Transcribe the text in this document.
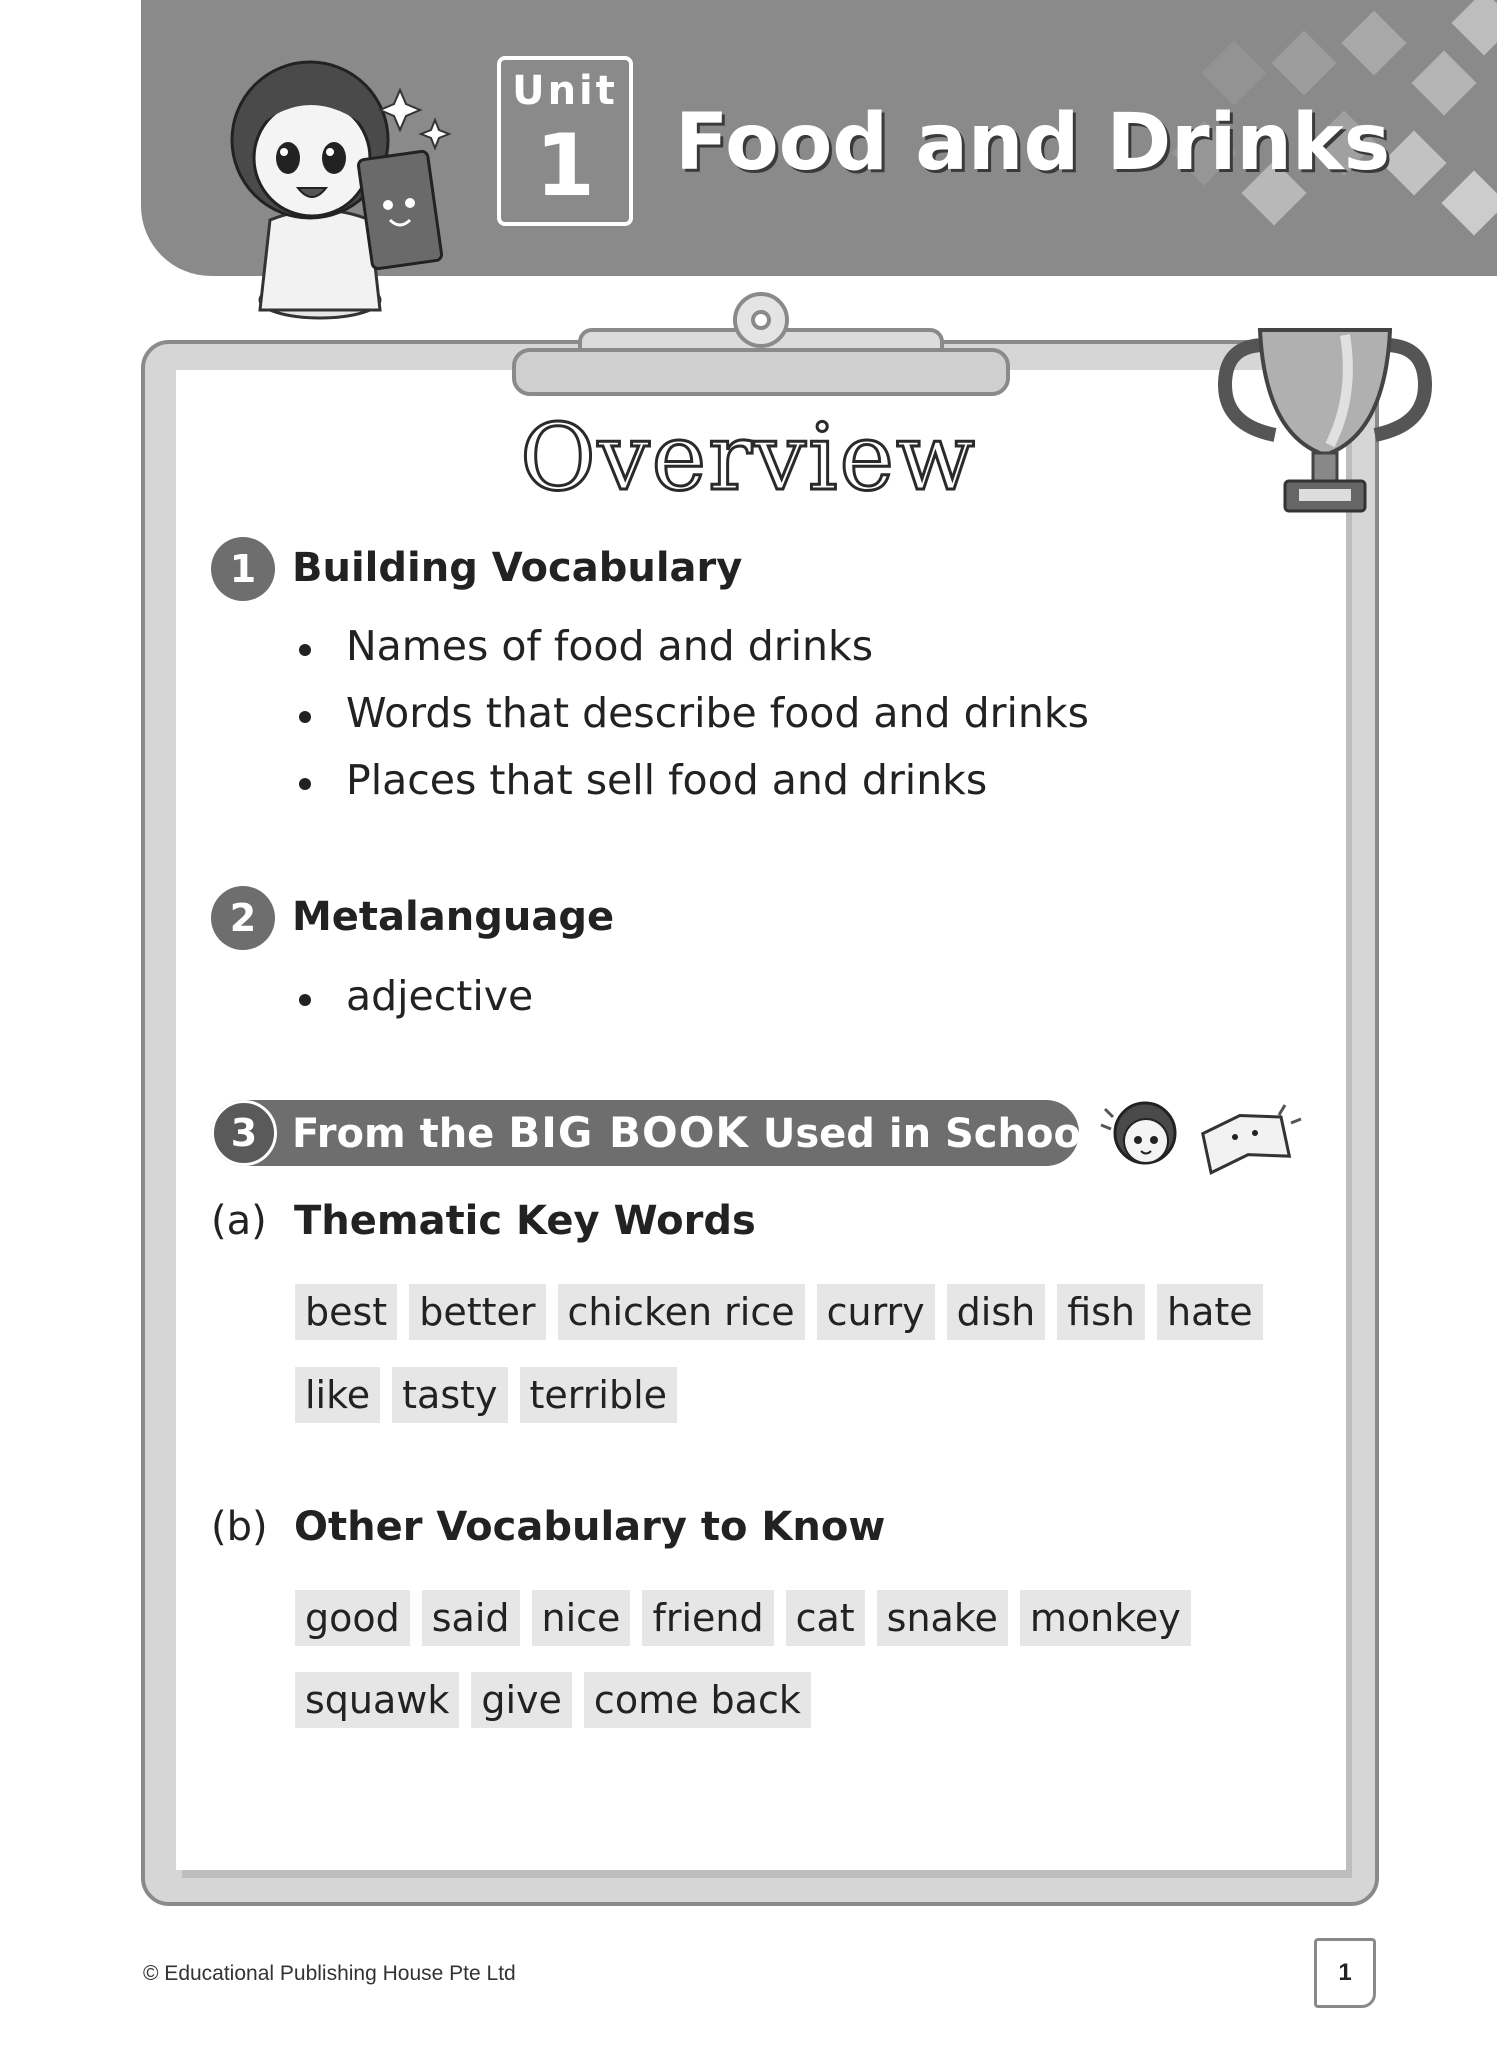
Unit
1	Food and Drinks
Overview
1 Building Vocabulary
Names of food and drinks
Words that describe food and drinks
Places that sell food and drinks
2 Metalanguage
adjective
3 From the BIG BOOK Used in School
(a) Thematic Key Words
best better chicken rice curry dish fish hate
like tasty terrible
(b) Other Vocabulary to Know
good said nice friend cat snake monkey
squawk give come back
© Educational Publishing House Pte Ltd	1
